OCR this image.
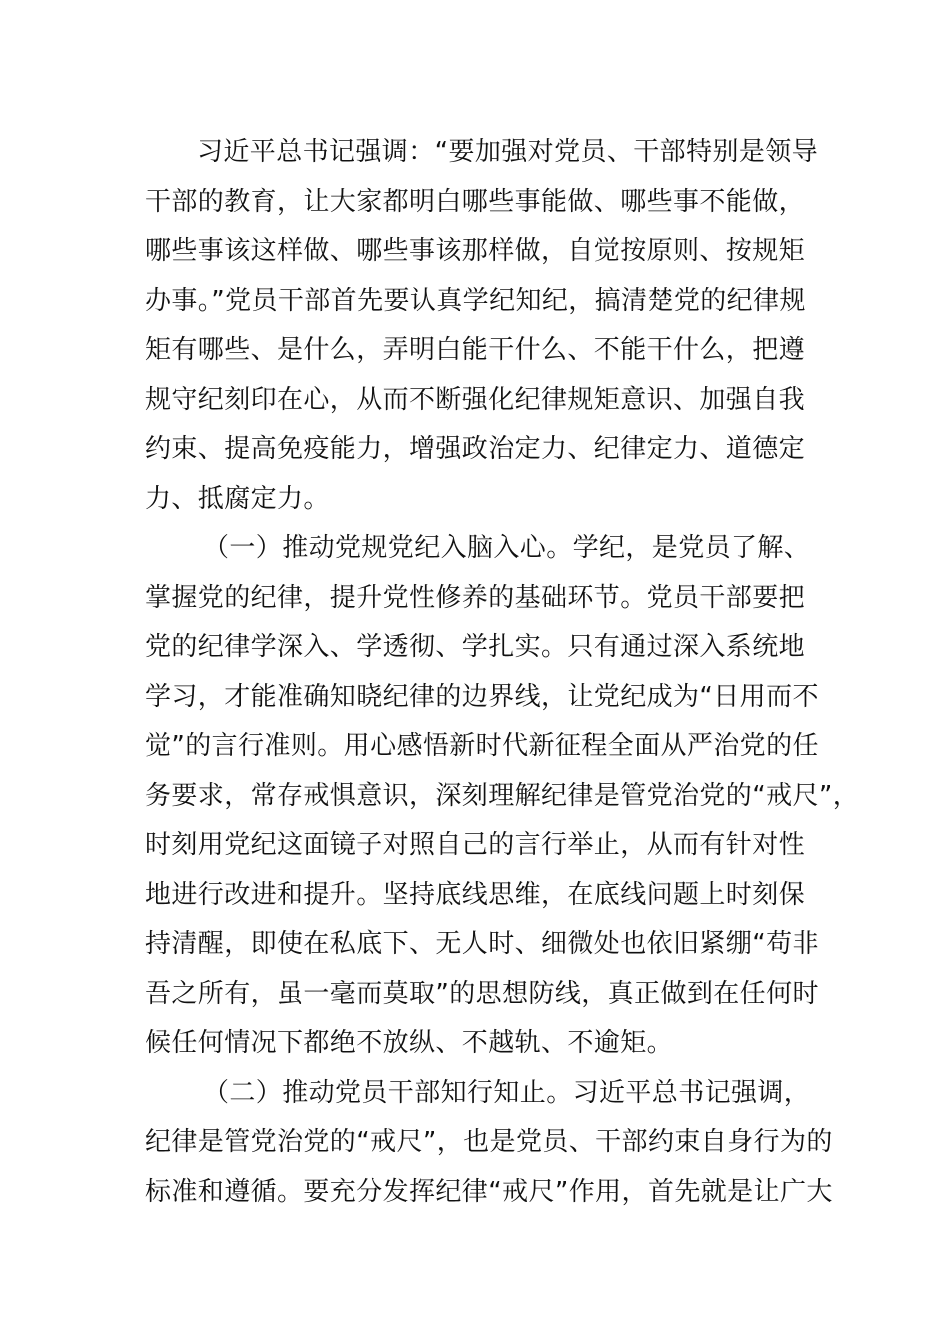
习近平总书记强调：“要加强对党员、干部特别是领导
干部的教育，让大家都明白哪些事能做、哪些事不能做，
哪些事该这样做、哪些事该那样做，自觉按原则、按规矩
办事。”党员干部首先要认真学纪知纪，搞清楚党的纪律规
矩有哪些、是什么，弄明白能干什么、不能干什么，把遵
规守纪刻印在心，从而不断强化纪律规矩意识、加强自我
约束、提高免疫能力，增强政治定力、纪律定力、道德定
力、抵腐定力。
（一）推动党规党纪入脑入心。学纪，是党员了解、
掌握党的纪律，提升党性修养的基础环节。党员干部要把
党的纪律学深入、学透彻、学扎实。只有通过深入系统地
学习，才能准确知晓纪律的边界线，让党纪成为“日用而不
觉”的言行准则。用心感悟新时代新征程全面从严治党的任
务要求，常存戒惧意识，深刻理解纪律是管党治党的“戒尺”，
时刻用党纪这面镜子对照自己的言行举止，从而有针对性
地进行改进和提升。坚持底线思维，在底线问题上时刻保
持清醒，即使在私底下、无人时、细微处也依旧紧绷“苟非
吾之所有，虽一毫而莫取”的思想防线，真正做到在任何时
候任何情况下都绝不放纵、不越轨、不逾矩。
（二）推动党员干部知行知止。习近平总书记强调，
纪律是管党治党的“戒尺”，也是党员、干部约束自身行为的
标准和遵循。要充分发挥纪律“戒尺”作用，首先就是让广大
